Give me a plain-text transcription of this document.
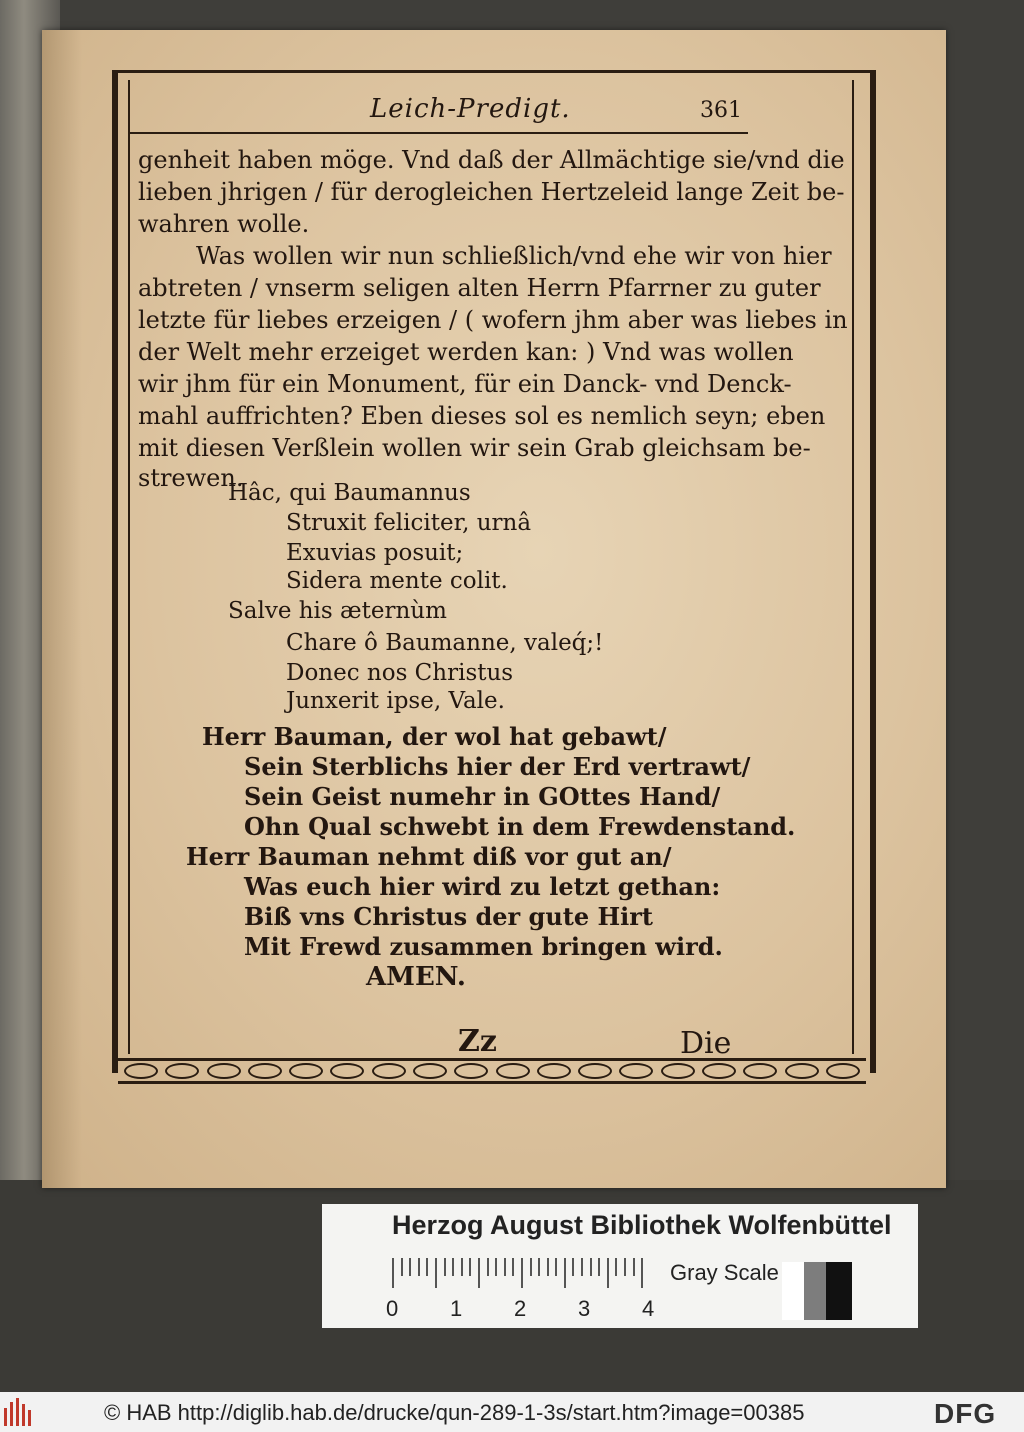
Leich-Predigt.	361
genheit haben möge. Vnd daß der Allmächtige sie/vnd die
lieben jhrigen / für derogleichen Hertzeleid lange Zeit be-
wahren wolle.
Was wollen wir nun schließlich/vnd ehe wir von hier
abtreten / vnserm seligen alten Herrn Pfarrner zu guter
letzte für liebes erzeigen / ( wofern jhm aber was liebes in
der Welt mehr erzeiget werden kan: ) Vnd was wollen
wir jhm für ein Monument, für ein Danck- vnd Denck-
mahl auffrichten? Eben dieses sol es nemlich seyn; eben
mit diesen Verßlein wollen wir sein Grab gleichsam be-
strewen.
Hâc, qui Baumannus
Struxit feliciter, urnâ
Exuvias posuit;
Sidera mente colit.
Salve his æternùm
Chare ô Baumanne, valeq́;!
Donec nos Christus
Junxerit ipse, Vale.
Herr Bauman, der wol hat gebawt/
Sein Sterblichs hier der Erd vertrawt/
Sein Geist numehr in GOttes Hand/
Ohn Qual schwebt in dem Frewdenstand.
Herr Bauman nehmt diß vor gut an/
Was euch hier wird zu letzt gethan:
Biß vns Christus der gute Hirt
Mit Frewd zusammen bringen wird.
AMEN.
Zz	Die
Herzog August Bibliothek Wolfenbüttel
0 1 2 3 4
Gray Scale
© HAB http://diglib.hab.de/drucke/qun-289-1-3s/start.htm?image=00385	DFG
